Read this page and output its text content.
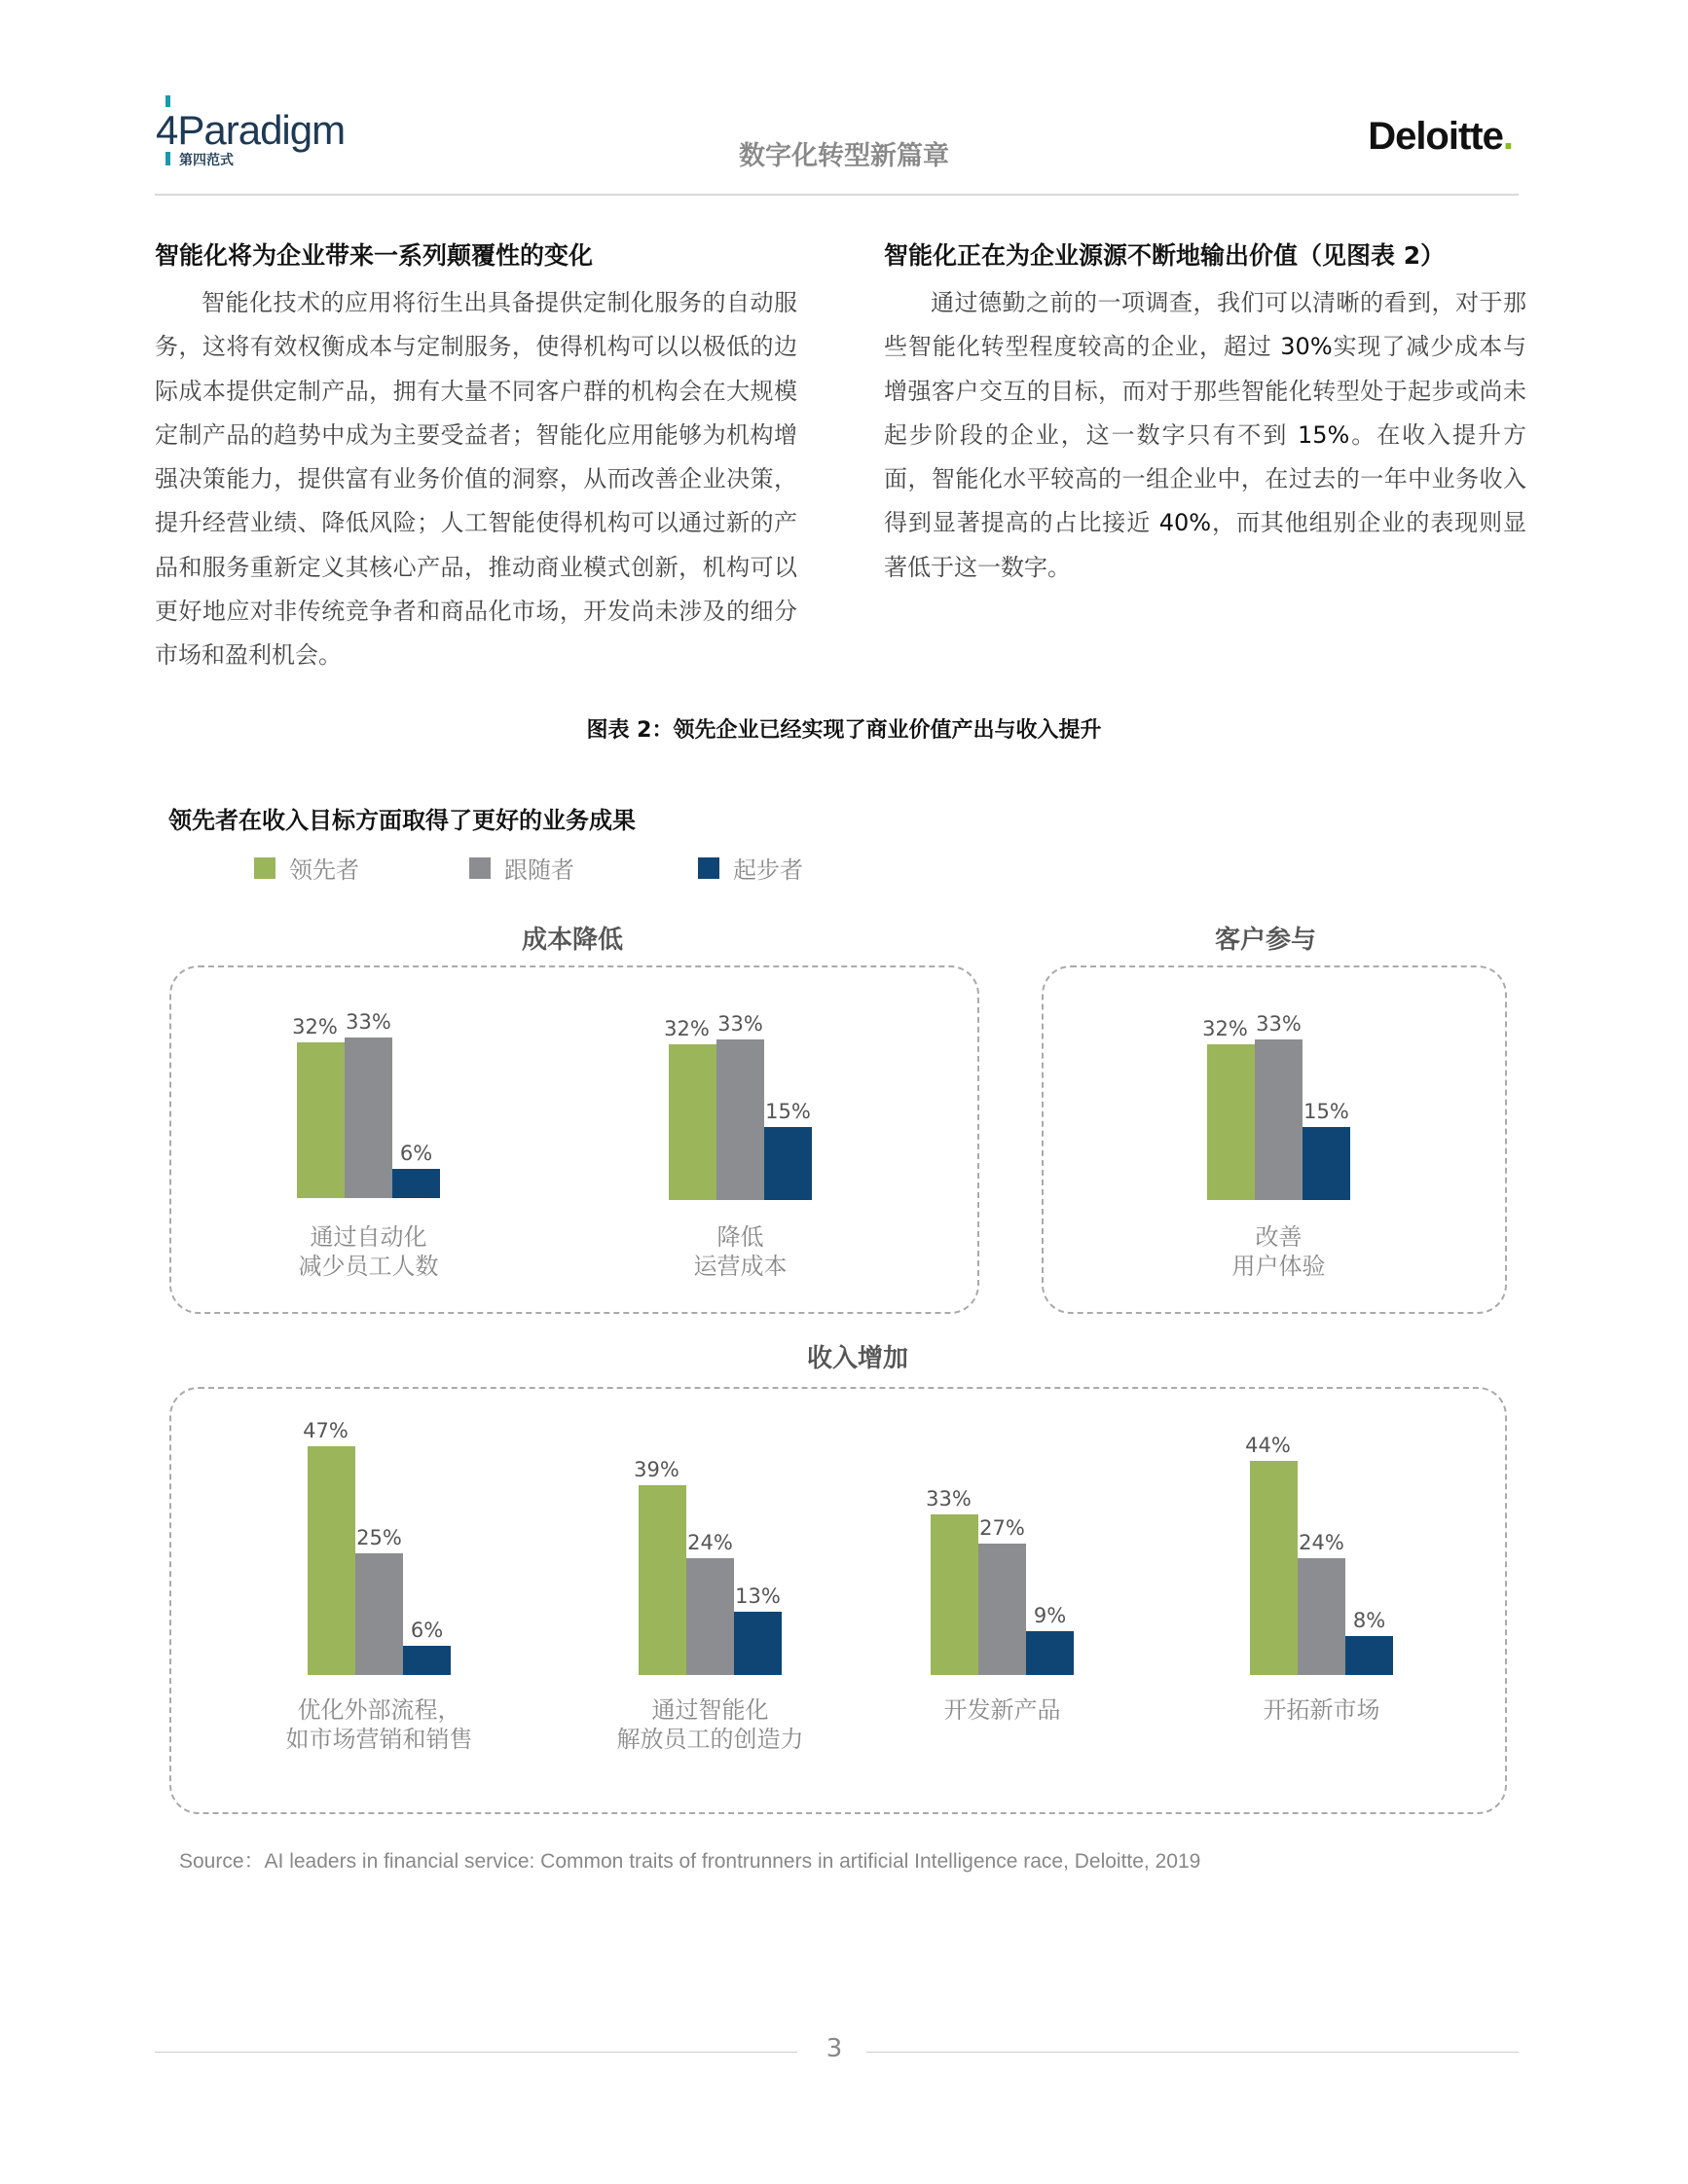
4Paradigm
第四范式	数字化转型新篇章	Deloitte.
智能化将为企业带来一系列颠覆性的变化

智能化技术的应用将衍生出具备提供定制化服务的自动服务，这将有效权衡成本与定制服务，使得机构可以以极低的边际成本提供定制产品，拥有大量不同客户群的机构会在大规模定制产品的趋势中成为主要受益者；智能化应用能够为机构增强决策能力，提供富有业务价值的洞察，从而改善企业决策，提升经营业绩、降低风险；人工智能使得机构可以通过新的产品和服务重新定义其核心产品，推动商业模式创新，机构可以更好地应对非传统竞争者和商品化市场，开发尚未涉及的细分市场和盈利机会。

智能化正在为企业源源不断地输出价值（见图表 2）

通过德勤之前的一项调查，我们可以清晰的看到，对于那些智能化转型程度较高的企业，超过 30%实现了减少成本与增强客户交互的目标，而对于那些智能化转型处于起步或尚未起步阶段的企业，这一数字只有不到 15%。在收入提升方面，智能化水平较高的一组企业中，在过去的一年中业务收入得到显著提高的占比接近 40%，而其他组别企业的表现则显著低于这一数字。

图表 2：领先企业已经实现了商业价值产出与收入提升
领先者在收入目标方面取得了更好的业务成果
领先者	跟随者	起步者
成本降低	客户参与
收入增加
32% 33%
6%
通过自动化
减少员工人数
32% 33%
15%
降低
运营成本
32% 33%
15%
改善
用户体验
47%
25%
6%
优化外部流程，
如市场营销和销售
39%
24%
13%
通过智能化
解放员工的创造力
33%
27%
9%
开发新产品
44%
24%
8%
开拓新市场
Source：AI leaders in financial service: Common traits of frontrunners in artificial Intelligence race, Deloitte, 2019
3
